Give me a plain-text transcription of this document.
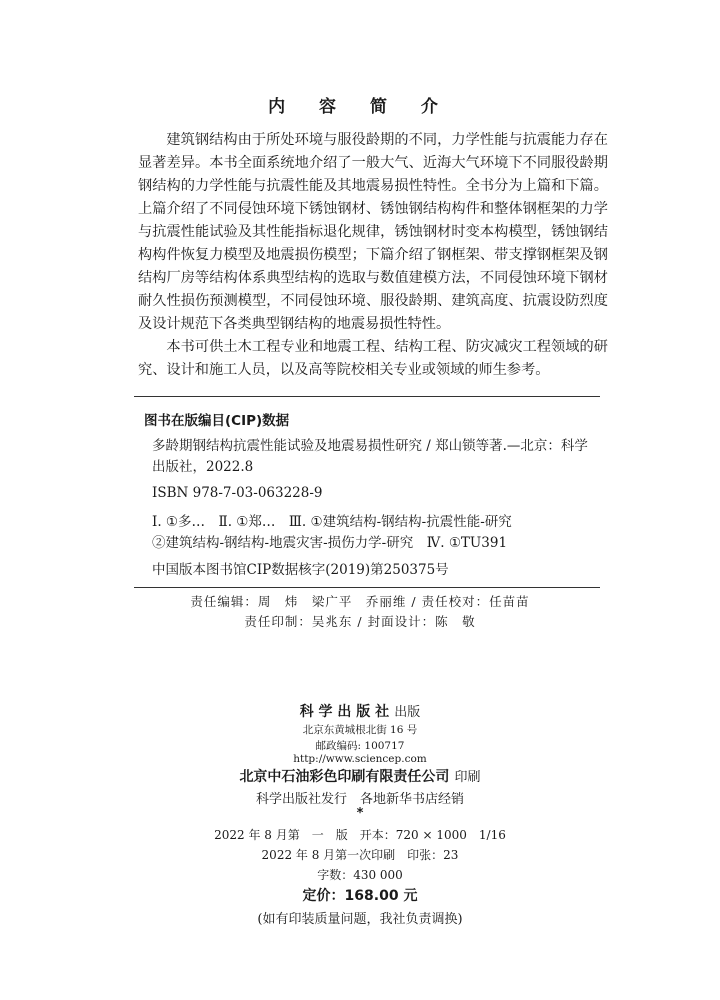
内 容 简 介

建筑钢结构由于所处环境与服役龄期的不同，力学性能与抗震能力存在显著差异。本书全面系统地介绍了一般大气、近海大气环境下不同服役龄期钢结构的力学性能与抗震性能及其地震易损性特性。全书分为上篇和下篇。上篇介绍了不同侵蚀环境下锈蚀钢材、锈蚀钢结构构件和整体钢框架的力学与抗震性能试验及其性能指标退化规律，锈蚀钢材时变本构模型，锈蚀钢结构构件恢复力模型及地震损伤模型；下篇介绍了钢框架、带支撑钢框架及钢结构厂房等结构体系典型结构的选取与数值建模方法，不同侵蚀环境下钢材耐久性损伤预测模型，不同侵蚀环境、服役龄期、建筑高度、抗震设防烈度及设计规范下各类典型钢结构的地震易损性特性。

本书可供土木工程专业和地震工程、结构工程、防灾减灾工程领域的研究、设计和施工人员，以及高等院校相关专业或领域的师生参考。

图书在版编目(CIP)数据
多龄期钢结构抗震性能试验及地震易损性研究 / 郑山锁等著.—北京：科学出版社，2022.8
ISBN 978-7-03-063228-9
Ⅰ. ①多…　Ⅱ. ①郑…　Ⅲ. ①建筑结构-钢结构-抗震性能-研究
②建筑结构-钢结构-地震灾害-损伤力学-研究　Ⅳ. ①TU391
中国版本图书馆CIP数据核字(2019)第250375号
责任编辑：周　炜　梁广平　乔丽维 / 责任校对：任苗苗
责任印制：吴兆东 / 封面设计：陈　敬
科 学 出 版 社 出版
北京东黄城根北街 16 号
邮政编码: 100717
http://www.sciencep.com
北京中石油彩色印刷有限责任公司 印刷
科学出版社发行　各地新华书店经销
*
2022 年 8 月第　一　版　开本：720 × 1000　1/16
2022 年 8 月第一次印刷　印张：23
字数：430 000
定价：168.00 元
(如有印装质量问题，我社负责调换)
